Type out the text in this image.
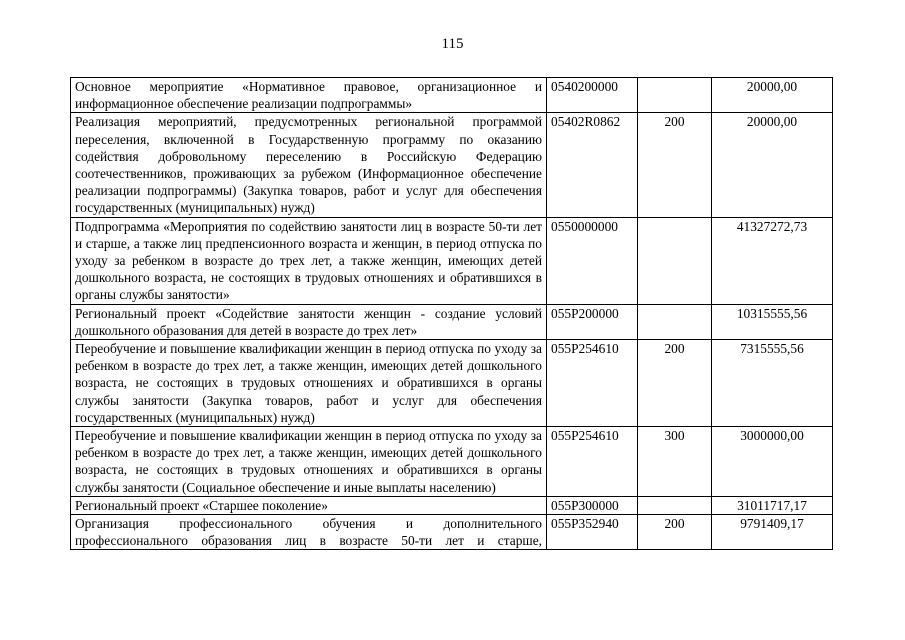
115
Основное мероприятие «Нормативное правовое, организационное и информационное обеспечение реализации подпрограммы»	0540200000		20000,00
Реализация мероприятий, предусмотренных региональной программой переселения, включенной в Государственную программу по оказанию содействия добровольному переселению в Российскую Федерацию соотечественников, проживающих за рубежом (Информационное обеспечение реализации подпрограммы) (Закупка товаров, работ и услуг для обеспечения государственных (муниципальных) нужд)	05402R0862	200	20000,00
Подпрограмма «Мероприятия по содействию занятости лиц в возрасте 50-ти лет и старше, а также лиц предпенсионного возраста и женщин, в период отпуска по уходу за ребенком в возрасте до трех лет, а также женщин, имеющих детей дошкольного возраста, не состоящих в трудовых отношениях и обратившихся в органы службы занятости»	0550000000		41327272,73
Региональный проект «Содействие занятости женщин - создание условий дошкольного образования для детей в возрасте до трех лет»	055P200000		10315555,56
Переобучение и повышение квалификации женщин в период отпуска по уходу за ребенком в возрасте до трех лет, а также женщин, имеющих детей дошкольного возраста, не состоящих в трудовых отношениях и обратившихся в органы службы занятости (Закупка товаров, работ и услуг для обеспечения государственных (муниципальных) нужд)	055P254610	200	7315555,56
Переобучение и повышение квалификации женщин в период отпуска по уходу за ребенком в возрасте до трех лет, а также женщин, имеющих детей дошкольного возраста, не состоящих в трудовых отношениях и обратившихся в органы службы занятости (Социальное обеспечение и иные выплаты населению)	055P254610	300	3000000,00
Региональный проект «Старшее поколение»	055P300000		31011717,17
Организация профессионального обучения и дополнительного профессионального образования лиц в возрасте 50-ти лет и старше,	055P352940	200	9791409,17
